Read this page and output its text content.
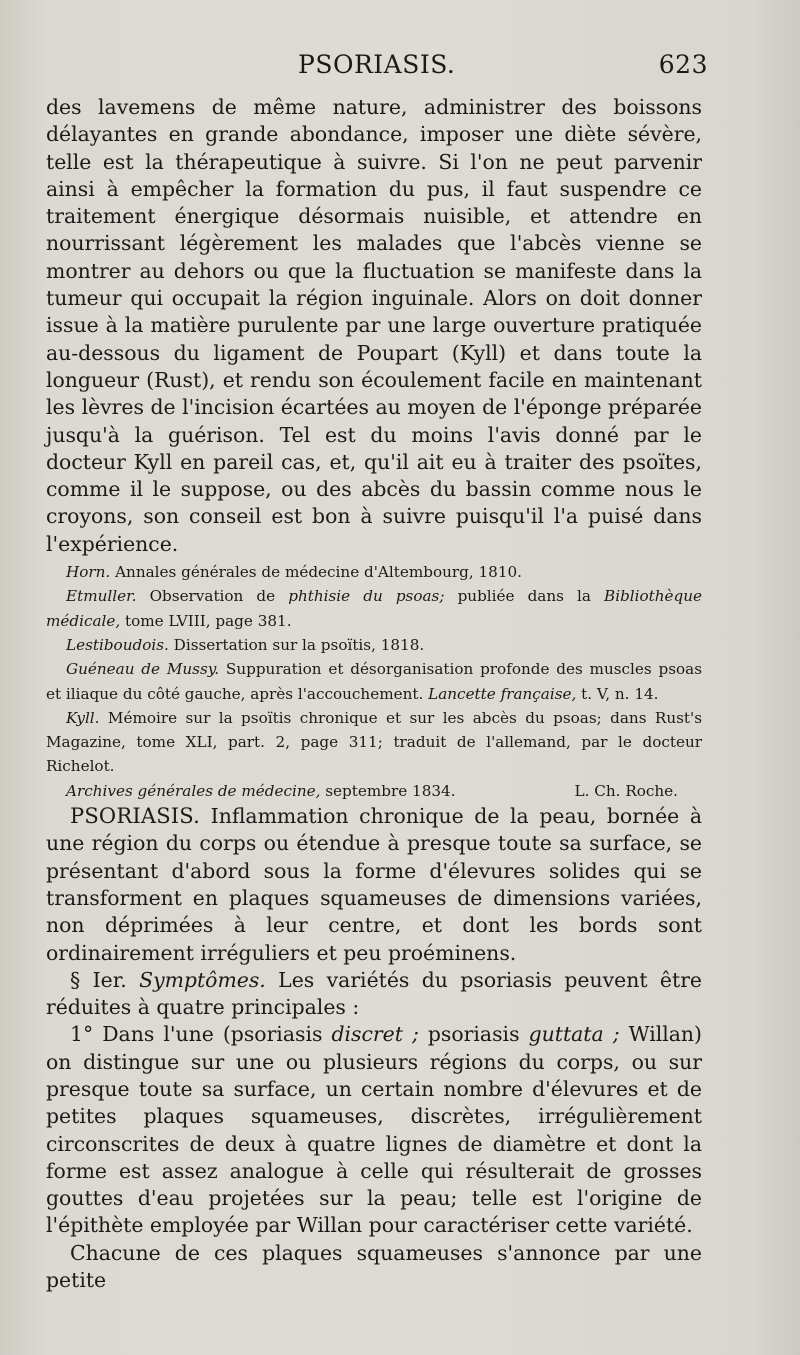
PSORIASIS.	623

des lavemens de même nature, administrer des boissons délayantes en grande abondance, imposer une diète sévère, telle est la thérapeutique à suivre. Si l'on ne peut parvenir ainsi à empêcher la formation du pus, il faut suspendre ce traitement énergique désormais nuisible, et attendre en nourrissant légèrement les malades que l'abcès vienne se montrer au dehors ou que la fluctuation se manifeste dans la tumeur qui occupait la région inguinale. Alors on doit donner issue à la matière purulente par une large ouverture pratiquée au-dessous du ligament de Poupart (Kyll) et dans toute la longueur (Rust), et rendu son écoulement facile en maintenant les lèvres de l'incision écartées au moyen de l'éponge préparée jusqu'à la guérison. Tel est du moins l'avis donné par le docteur Kyll en pareil cas, et, qu'il ait eu à traiter des psoïtes, comme il le suppose, ou des abcès du bassin comme nous le croyons, son conseil est bon à suivre puisqu'il l'a puisé dans l'expérience.

Horn. Annales générales de médecine d'Altembourg, 1810.

Etmuller. Observation de phthisie du psoas; publiée dans la Bibliothèque médicale, tome LVIII, page 381.

Lestiboudois. Dissertation sur la psoïtis, 1818.

Guéneau de Mussy. Suppuration et désorganisation profonde des muscles psoas et iliaque du côté gauche, après l'accouchement. Lancette française, t. V, n. 14.

Kyll. Mémoire sur la psoïtis chronique et sur les abcès du psoas; dans Rust's Magazine, tome XLI, part. 2, page 311; traduit de l'allemand, par le docteur Richelot.

Archives générales de médecine, septembre 1834.	L. Ch. Roche.

PSORIASIS. Inflammation chronique de la peau, bornée à une région du corps ou étendue à presque toute sa surface, se présentant d'abord sous la forme d'élevures solides qui se transforment en plaques squameuses de dimensions variées, non déprimées à leur centre, et dont les bords sont ordinairement irréguliers et peu proéminens.

§ Ier. Symptômes. Les variétés du psoriasis peuvent être réduites à quatre principales :

1° Dans l'une (psoriasis discret ; psoriasis guttata ; Willan) on distingue sur une ou plusieurs régions du corps, ou sur presque toute sa surface, un certain nombre d'élevures et de petites plaques squameuses, discrètes, irrégulièrement circonscrites de deux à quatre lignes de diamètre et dont la forme est assez analogue à celle qui résulterait de grosses gouttes d'eau projetées sur la peau; telle est l'origine de l'épithète employée par Willan pour caractériser cette variété.

Chacune de ces plaques squameuses s'annonce par une petite
